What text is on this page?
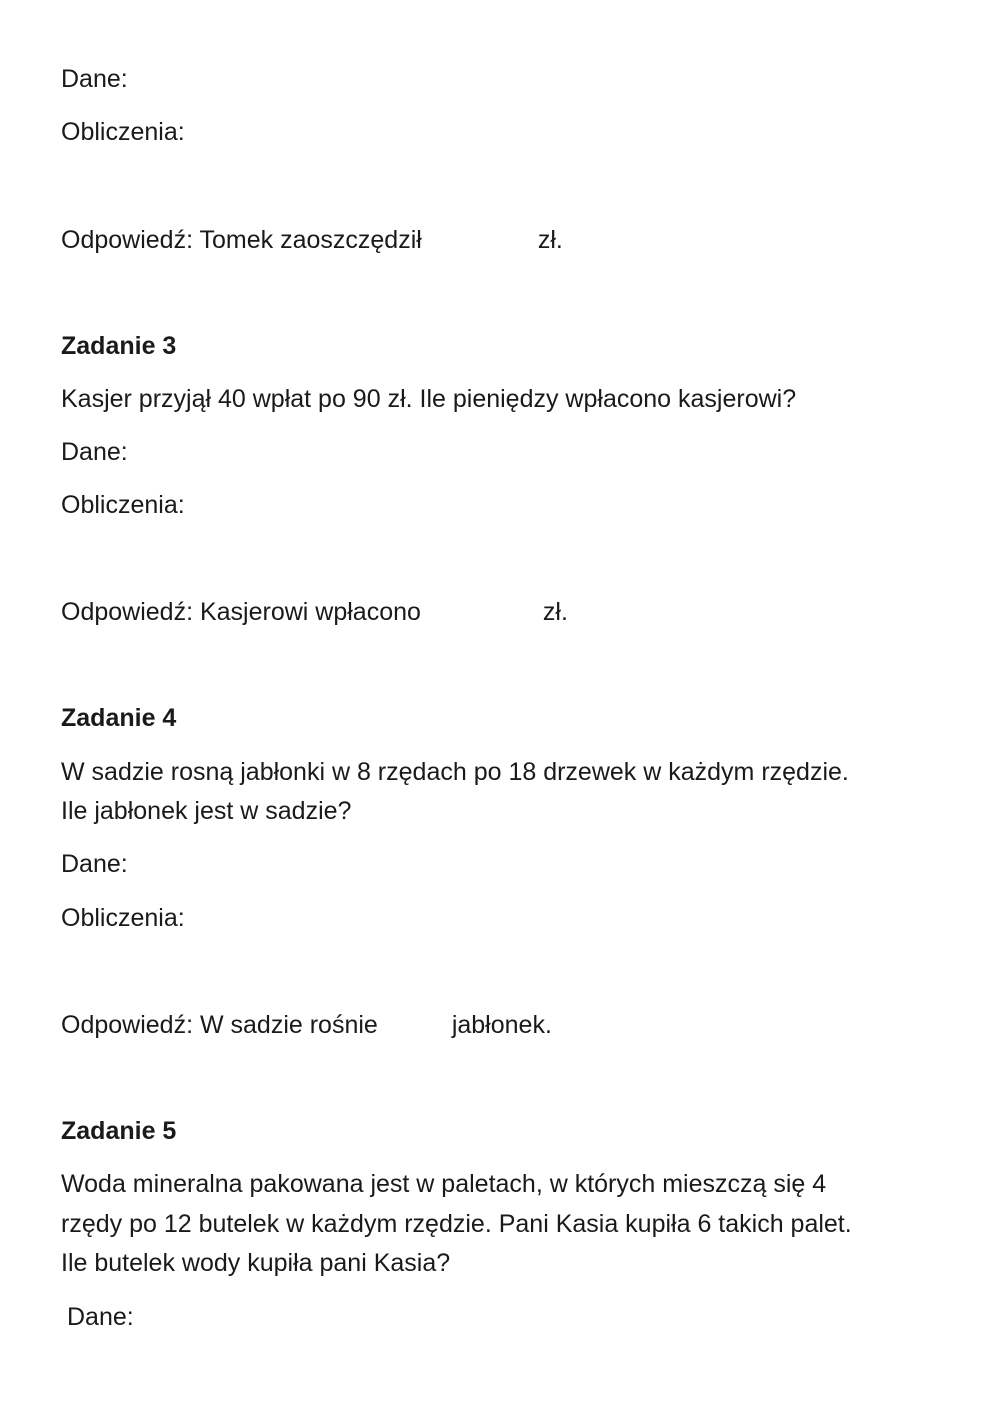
Dane:

Obliczenia:

Odpowiedź: Tomek zaoszczędził	zł.

Zadanie 3

Kasjer przyjął 40 wpłat po 90 zł. Ile pieniędzy wpłacono kasjerowi?

Dane:

Obliczenia:

Odpowiedź: Kasjerowi wpłacono	zł.

Zadanie 4

W sadzie rosną jabłonki w 8 rzędach po 18 drzewek w każdym rzędzie.

Ile jabłonek jest w sadzie?

Dane:

Obliczenia:

Odpowiedź: W sadzie rośnie	jabłonek.

Zadanie 5

Woda mineralna pakowana jest w paletach, w których mieszczą się 4

rzędy po 12 butelek w każdym rzędzie. Pani Kasia kupiła 6 takich palet.

Ile butelek wody kupiła pani Kasia?

Dane:
